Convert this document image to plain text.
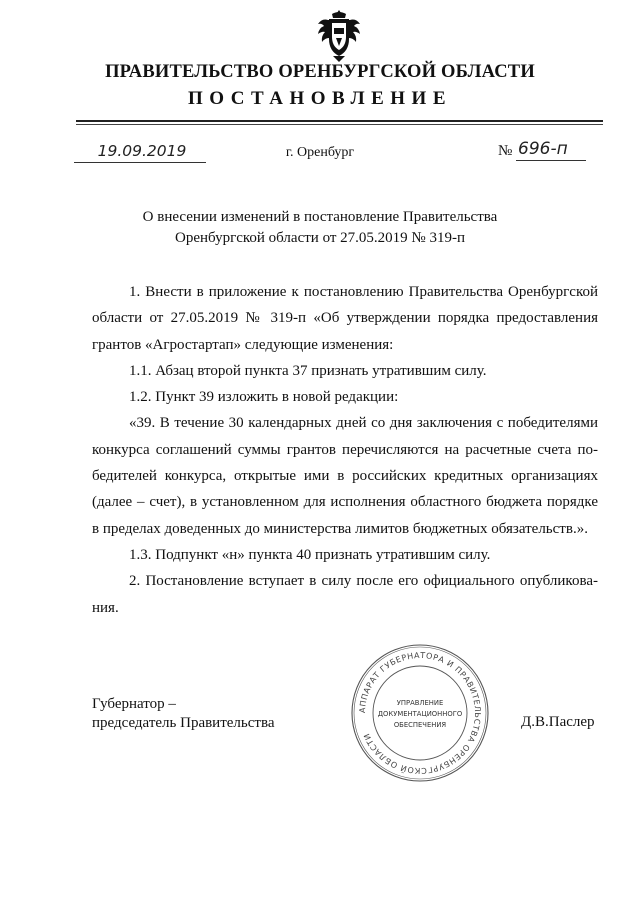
ПРАВИТЕЛЬСТВО ОРЕНБУРГСКОЙ ОБЛАСТИ
ПОСТАНОВЛЕНИЕ
19.09.2019	г. Оренбург	№ 696-п
О внесении изменений в постановление Правительства
Оренбургской области от 27.05.2019 № 319-п

1. Внести в приложение к постановлению Правительства Оренбургской области от 27.05.2019 № 319-п «Об утверждении порядка предоставления грантов «Агростартап» следующие изменения:

1.1. Абзац второй пункта 37 признать утратившим силу.

1.2. Пункт 39 изложить в новой редакции:

«39. В течение 30 календарных дней со дня заключения с победителями конкурса соглашений суммы грантов перечисляются на расчетные счета победителей конкурса, открытые ими в российских кредитных организациях (далее – счет), в установленном для исполнения областного бюджета порядке в пределах доведенных до министерства лимитов бюджетных обязательств.».

1.3. Подпункт «н» пункта 40 признать утратившим силу.

2. Постановление вступает в силу после его официального опубликования.

АППАРАТ ГУБЕРНАТОРА И ПРАВИТЕЛЬСТВА ОРЕНБУРГСКОЙ ОБЛАСТИ
УПРАВЛЕНИЕ
ДОКУМЕНТАЦИОННОГО
ОБЕСПЕЧЕНИЯ
Губернатор –
председатель Правительства	Д.В.Паслер
